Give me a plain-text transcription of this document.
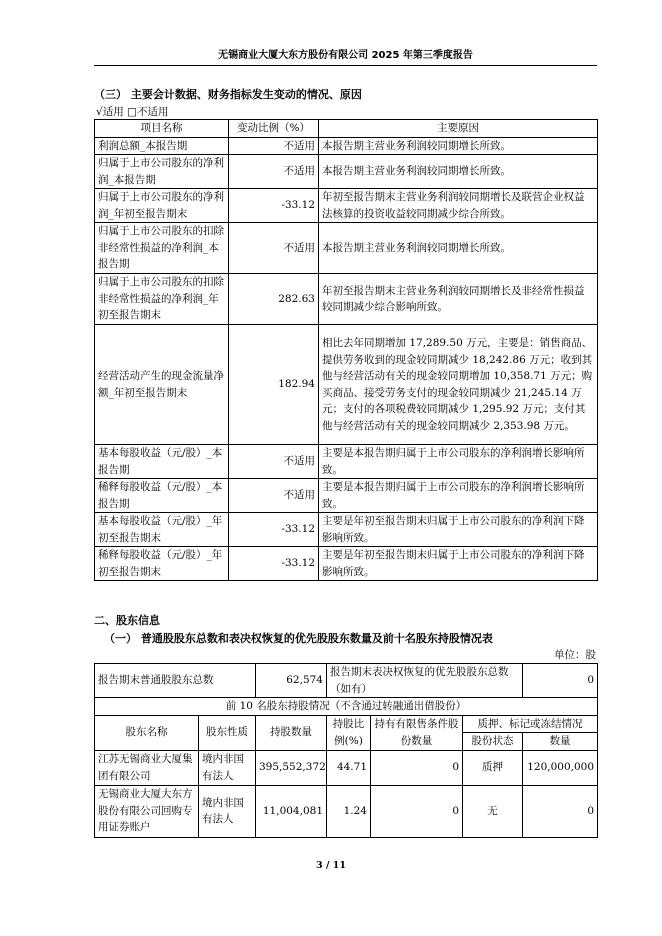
无锡商业大厦大东方股份有限公司 2025 年第三季度报告
（三） 主要会计数据、财务指标发生变动的情况、原因
√适用 □不适用
项目名称	变动比例（%）	主要原因
利润总额_本报告期	不适用	本报告期主营业务利润较同期增长所致。
归属于上市公司股东的净利润_本报告期	不适用	本报告期主营业务利润较同期增长所致。
归属于上市公司股东的净利润_年初至报告期末	-33.12	年初至报告期末主营业务利润较同期增长及联营企业权益法核算的投资收益较同期减少综合所致。
归属于上市公司股东的扣除非经常性损益的净利润_本报告期	不适用	本报告期主营业务利润较同期增长所致。
归属于上市公司股东的扣除非经常性损益的净利润_年初至报告期末	282.63	年初至报告期末主营业务利润较同期增长及非经常性损益较同期减少综合影响所致。
经营活动产生的现金流量净额_年初至报告期末	182.94	相比去年同期增加 17,289.50 万元，主要是：销售商品、提供劳务收到的现金较同期减少 18,242.86 万元；收到其他与经营活动有关的现金较同期增加 10,358.71 万元；购买商品、接受劳务支付的现金较同期减少 21,245.14 万元；支付的各项税费较同期减少 1,295.92 万元；支付其他与经营活动有关的现金较同期减少 2,353.98 万元。
基本每股收益（元/股）_本报告期	不适用	主要是本报告期归属于上市公司股东的净利润增长影响所致。
稀释每股收益（元/股）_本报告期	不适用	主要是本报告期归属于上市公司股东的净利润增长影响所致。
基本每股收益（元/股）_年初至报告期末	-33.12	主要是年初至报告期末归属于上市公司股东的净利润下降影响所致。
稀释每股收益（元/股）_年初至报告期末	-33.12	主要是年初至报告期末归属于上市公司股东的净利润下降影响所致。
二、股东信息
（一） 普通股股东总数和表决权恢复的优先股股东数量及前十名股东持股情况表
单位：股
报告期末普通股股东总数		62,574	报告期末表决权恢复的优先股股东总数（如有）			0
前 10 名股东持股情况（不含通过转融通出借股份）						
股东名称	股东性质	持股数量	持股比例(%)	持有有限售条件股份数量	质押、标记或冻结情况	
					股份状态	数量
江苏无锡商业大厦集团有限公司	境内非国有法人	395,552,372	44.71	0	质押	120,000,000
无锡商业大厦大东方股份有限公司回购专用证券账户	境内非国有法人	11,004,081	1.24	0	无	0
3 / 11
